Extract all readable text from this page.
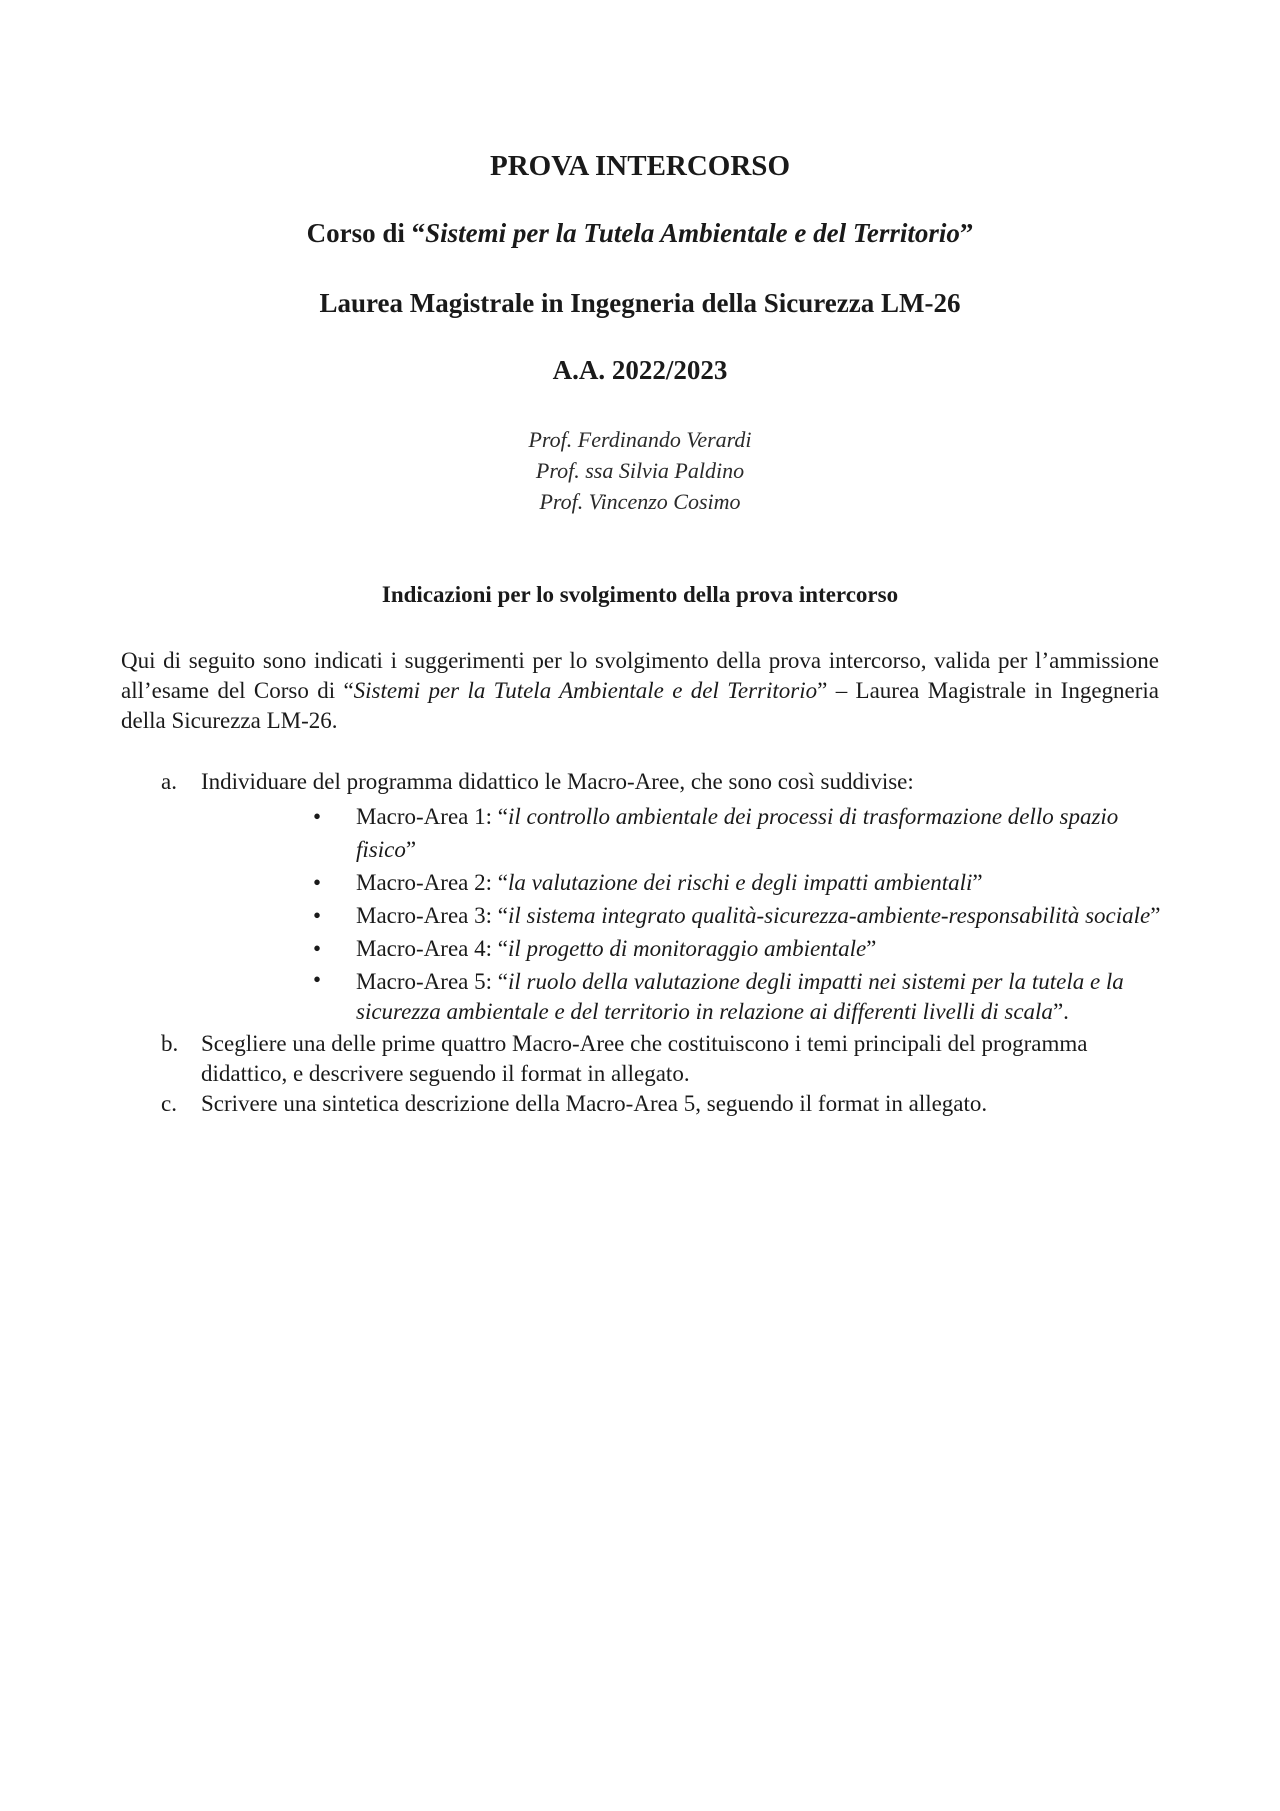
PROVA INTERCORSO
Corso di “Sistemi per la Tutela Ambientale e del Territorio”
Laurea Magistrale in Ingegneria della Sicurezza LM-26
A.A. 2022/2023
Prof. Ferdinando Verardi
Prof. ssa Silvia Paldino
Prof. Vincenzo Cosimo
Indicazioni per lo svolgimento della prova intercorso
Qui di seguito sono indicati i suggerimenti per lo svolgimento della prova intercorso, valida per l’ammissione all’esame del Corso di “Sistemi per la Tutela Ambientale e del Territorio” – Laurea Magistrale in Ingegneria della Sicurezza LM-26.
a. Individuare del programma didattico le Macro-Aree, che sono così suddivise:
• Macro-Area 1: “il controllo ambientale dei processi di trasformazione dello spazio fisico”
• Macro-Area 2: “la valutazione dei rischi e degli impatti ambientali”
• Macro-Area 3: “il sistema integrato qualità-sicurezza-ambiente-responsabilità sociale”
• Macro-Area 4: “il progetto di monitoraggio ambientale”
• Macro-Area 5: “il ruolo della valutazione degli impatti nei sistemi per la tutela e la sicurezza ambientale e del territorio in relazione ai differenti livelli di scala”.
b. Scegliere una delle prime quattro Macro-Aree che costituiscono i temi principali del programma didattico, e descrivere seguendo il format in allegato.
c. Scrivere una sintetica descrizione della Macro-Area 5, seguendo il format in allegato.
